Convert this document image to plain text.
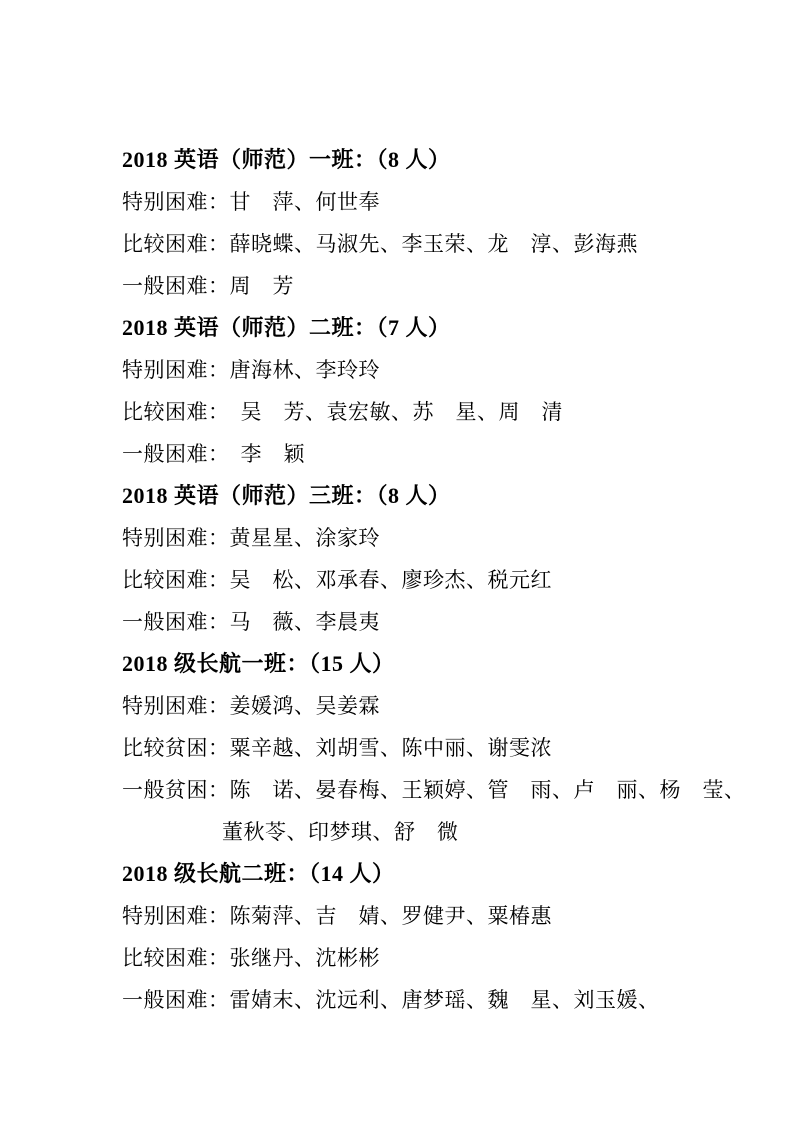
2018 英语（师范）一班：（8 人）
特别困难：甘　萍、何世奉
比较困难：薛晓蝶、马淑先、李玉荣、龙　淳、彭海燕
一般困难：周　芳
2018 英语（师范）二班：（7 人）
特别困难：唐海林、李玲玲
比较困难：　吴　芳、袁宏敏、苏　星、周　清
一般困难：　李　颖
2018 英语（师范）三班：（8 人）
特别困难：黄星星、涂家玲
比较困难：吴　松、邓承春、廖珍杰、税元红
一般困难：马　薇、李晨夷
2018 级长航一班：（15 人）
特别困难：姜媛鸿、吴姜霖
比较贫困：粟辛越、刘胡雪、陈中丽、谢雯浓
一般贫困：陈　诺、晏春梅、王颖婷、管　雨、卢　丽、杨　莹、
董秋苓、印梦琪、舒　微
2018 级长航二班：（14 人）
特别困难：陈菊萍、吉　婧、罗健尹、粟椿惠
比较困难：张继丹、沈彬彬
一般困难：雷婧末、沈远利、唐梦瑶、魏　星、刘玉媛、
